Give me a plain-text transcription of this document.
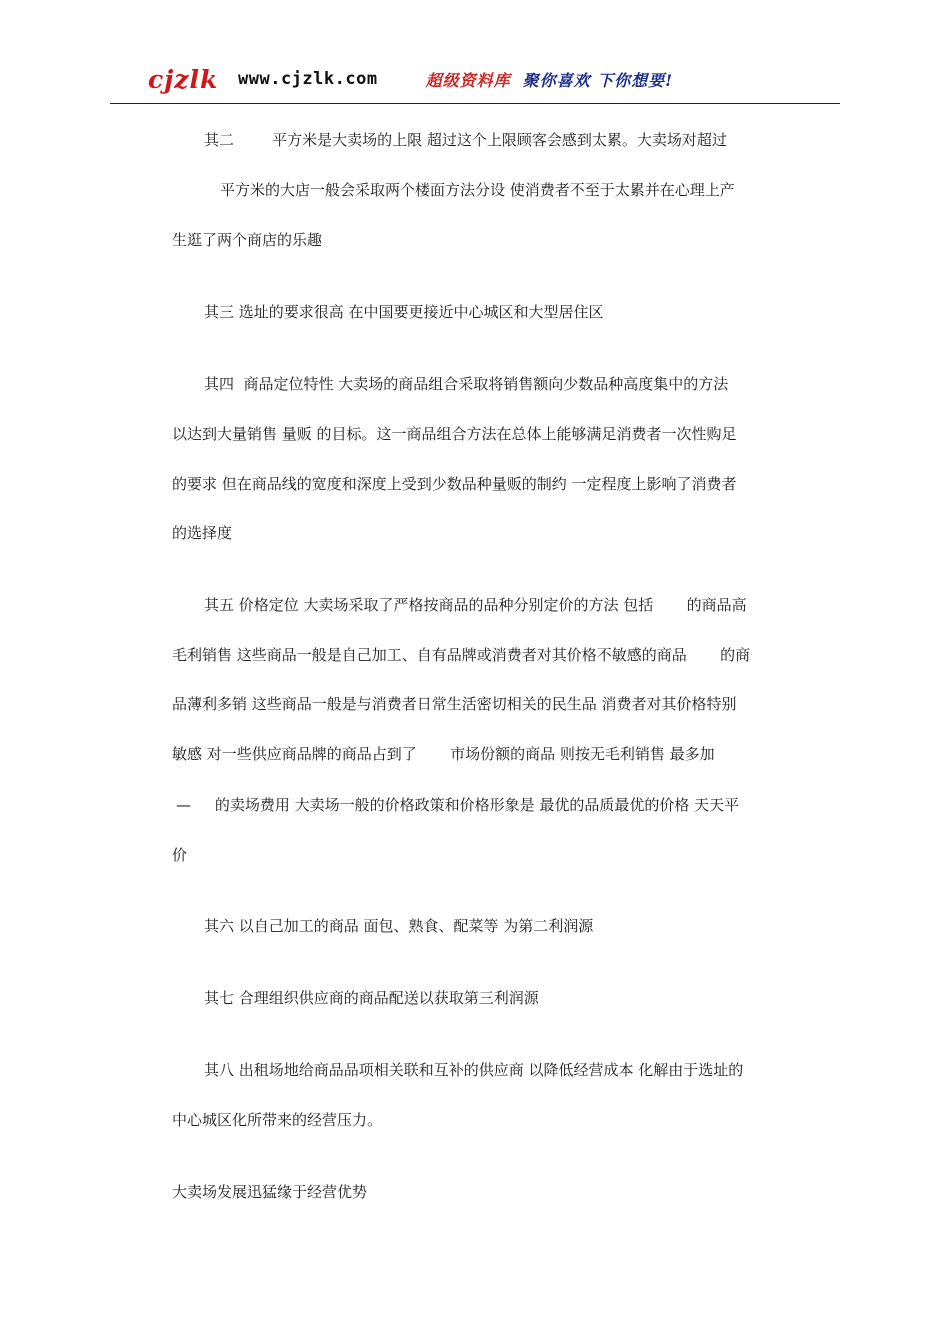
cjzlk	www.cjzlk.com	超级资料库 聚你喜欢 下你想要!
其二        平方米是大卖场的上限 超过这个上限顾客会感到太累。大卖场对超过
平方米的大店一般会采取两个楼面方法分设 使消费者不至于太累并在心理上产
生逛了两个商店的乐趣
其三 选址的要求很高 在中国要更接近中心城区和大型居住区
其四  商品定位特性 大卖场的商品组合采取将销售额向少数品种高度集中的方法
以达到大量销售 量贩 的目标。这一商品组合方法在总体上能够满足消费者一次性购足
的要求 但在商品线的宽度和深度上受到少数品种量贩的制约 一定程度上影响了消费者
的选择度
其五 价格定位 大卖场采取了严格按商品的品种分别定价的方法 包括       的商品高
毛利销售 这些商品一般是自己加工、自有品牌或消费者对其价格不敏感的商品       的商
品薄利多销 这些商品一般是与消费者日常生活密切相关的民生品 消费者对其价格特别
敏感 对一些供应商品牌的商品占到了       市场份额的商品 则按无毛利销售 最多加
—     的卖场费用 大卖场一般的价格政策和价格形象是 最优的品质最优的价格 天天平
价
其六 以自己加工的商品 面包、熟食、配菜等 为第二利润源
其七 合理组织供应商的商品配送以获取第三利润源
其八 出租场地给商品品项相关联和互补的供应商 以降低经营成本 化解由于选址的
中心城区化所带来的经营压力。
大卖场发展迅猛缘于经营优势
